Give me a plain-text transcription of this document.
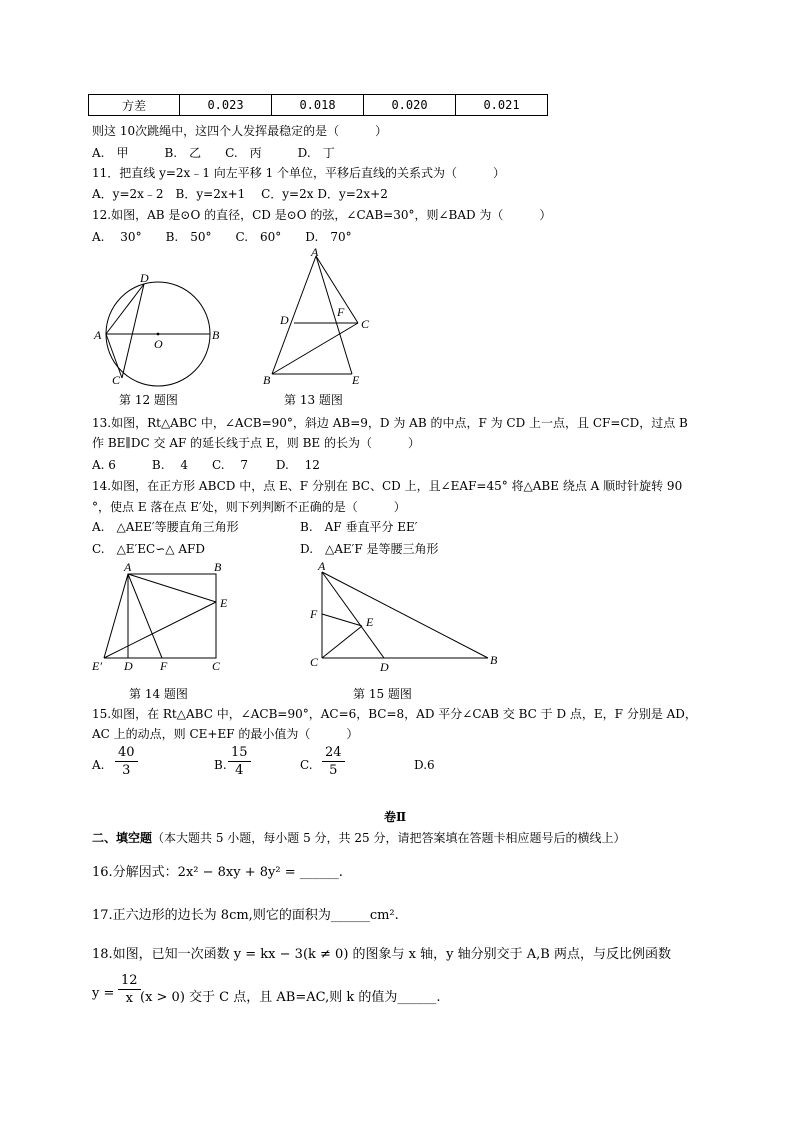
方差	0.023	0.018	0.020	0.021
则这 10次跳绳中，这四个人发挥最稳定的是（　　　）
A.　甲　　　B.　乙　　C.　丙　　　D.　丁
11．把直线 y=2x﹣1 向左平移 1 个单位，平移后直线的关系式为（　　　）
A．y=2x﹣2　B．y=2x+1　 C．y=2x D．y=2x+2
12.如图，AB 是⊙O 的直径，CD 是⊙O 的弦，∠CAB=30°，则∠BAD 为（　　　）
A.　 30°　　B.　50°　　C.　60°　　D.　70°
D
A
O
B
C
第 12 题图
A
D
F
C
B	E
第 13 题图
13.如图，Rt△ABC 中，∠ACB=90°，斜边 AB=9，D 为 AB 的中点，F 为 CD 上一点，且 CF=CD，过点 B
作 BE∥DC 交 AF 的延长线于点 E，则 BE 的长为（　　　）
A. 6　　　B.　 4　　C.　 7　　 D.　 12
14.如图，在正方形 ABCD 中，点 E、F 分别在 BC、CD 上，且∠EAF=45° 将△ABE 绕点 A 顺时针旋转 90
°，使点 E 落在点 E′处，则下列判断不正确的是（　　　）
A.　△AEE′等腰直角三角形	B.　AF 垂直平分 EE′
C.　△E′EC∽△ AFD	D.　△AE′F 是等腰三角形
A	B
E
E′ D F	C
第 14 题图
A
F
E
C	D	B
第 15 题图
15.如图，在 Rt△ABC 中，∠ACB=90°，AC=6，BC=8，AD 平分∠CAB 交 BC 于 D 点，E，F 分别是 AD，
AC 上的动点，则 CE+EF 的最小值为（　　　）
A. $\frac{40}{3}$	B. $\frac{15}{4}$	C. $\frac{24}{5}$	D.6
卷Ⅱ
二、填空题（本大题共 5 小题，每小题 5 分，共 25 分，请把答案填在答题卡相应题号后的横线上）
16.分解因式：2x² − 8xy + 8y² = ______.
17.正六边形的边长为 8cm,则它的面积为______cm².
18.如图，已知一次函数 y = kx − 3(k ≠ 0) 的图象与 x 轴，y 轴分别交于 A,B 两点，与反比例函数
$y = \frac{12}{x} (x > 0)$ 交于 C 点，且 AB=AC,则 k 的值为______.
